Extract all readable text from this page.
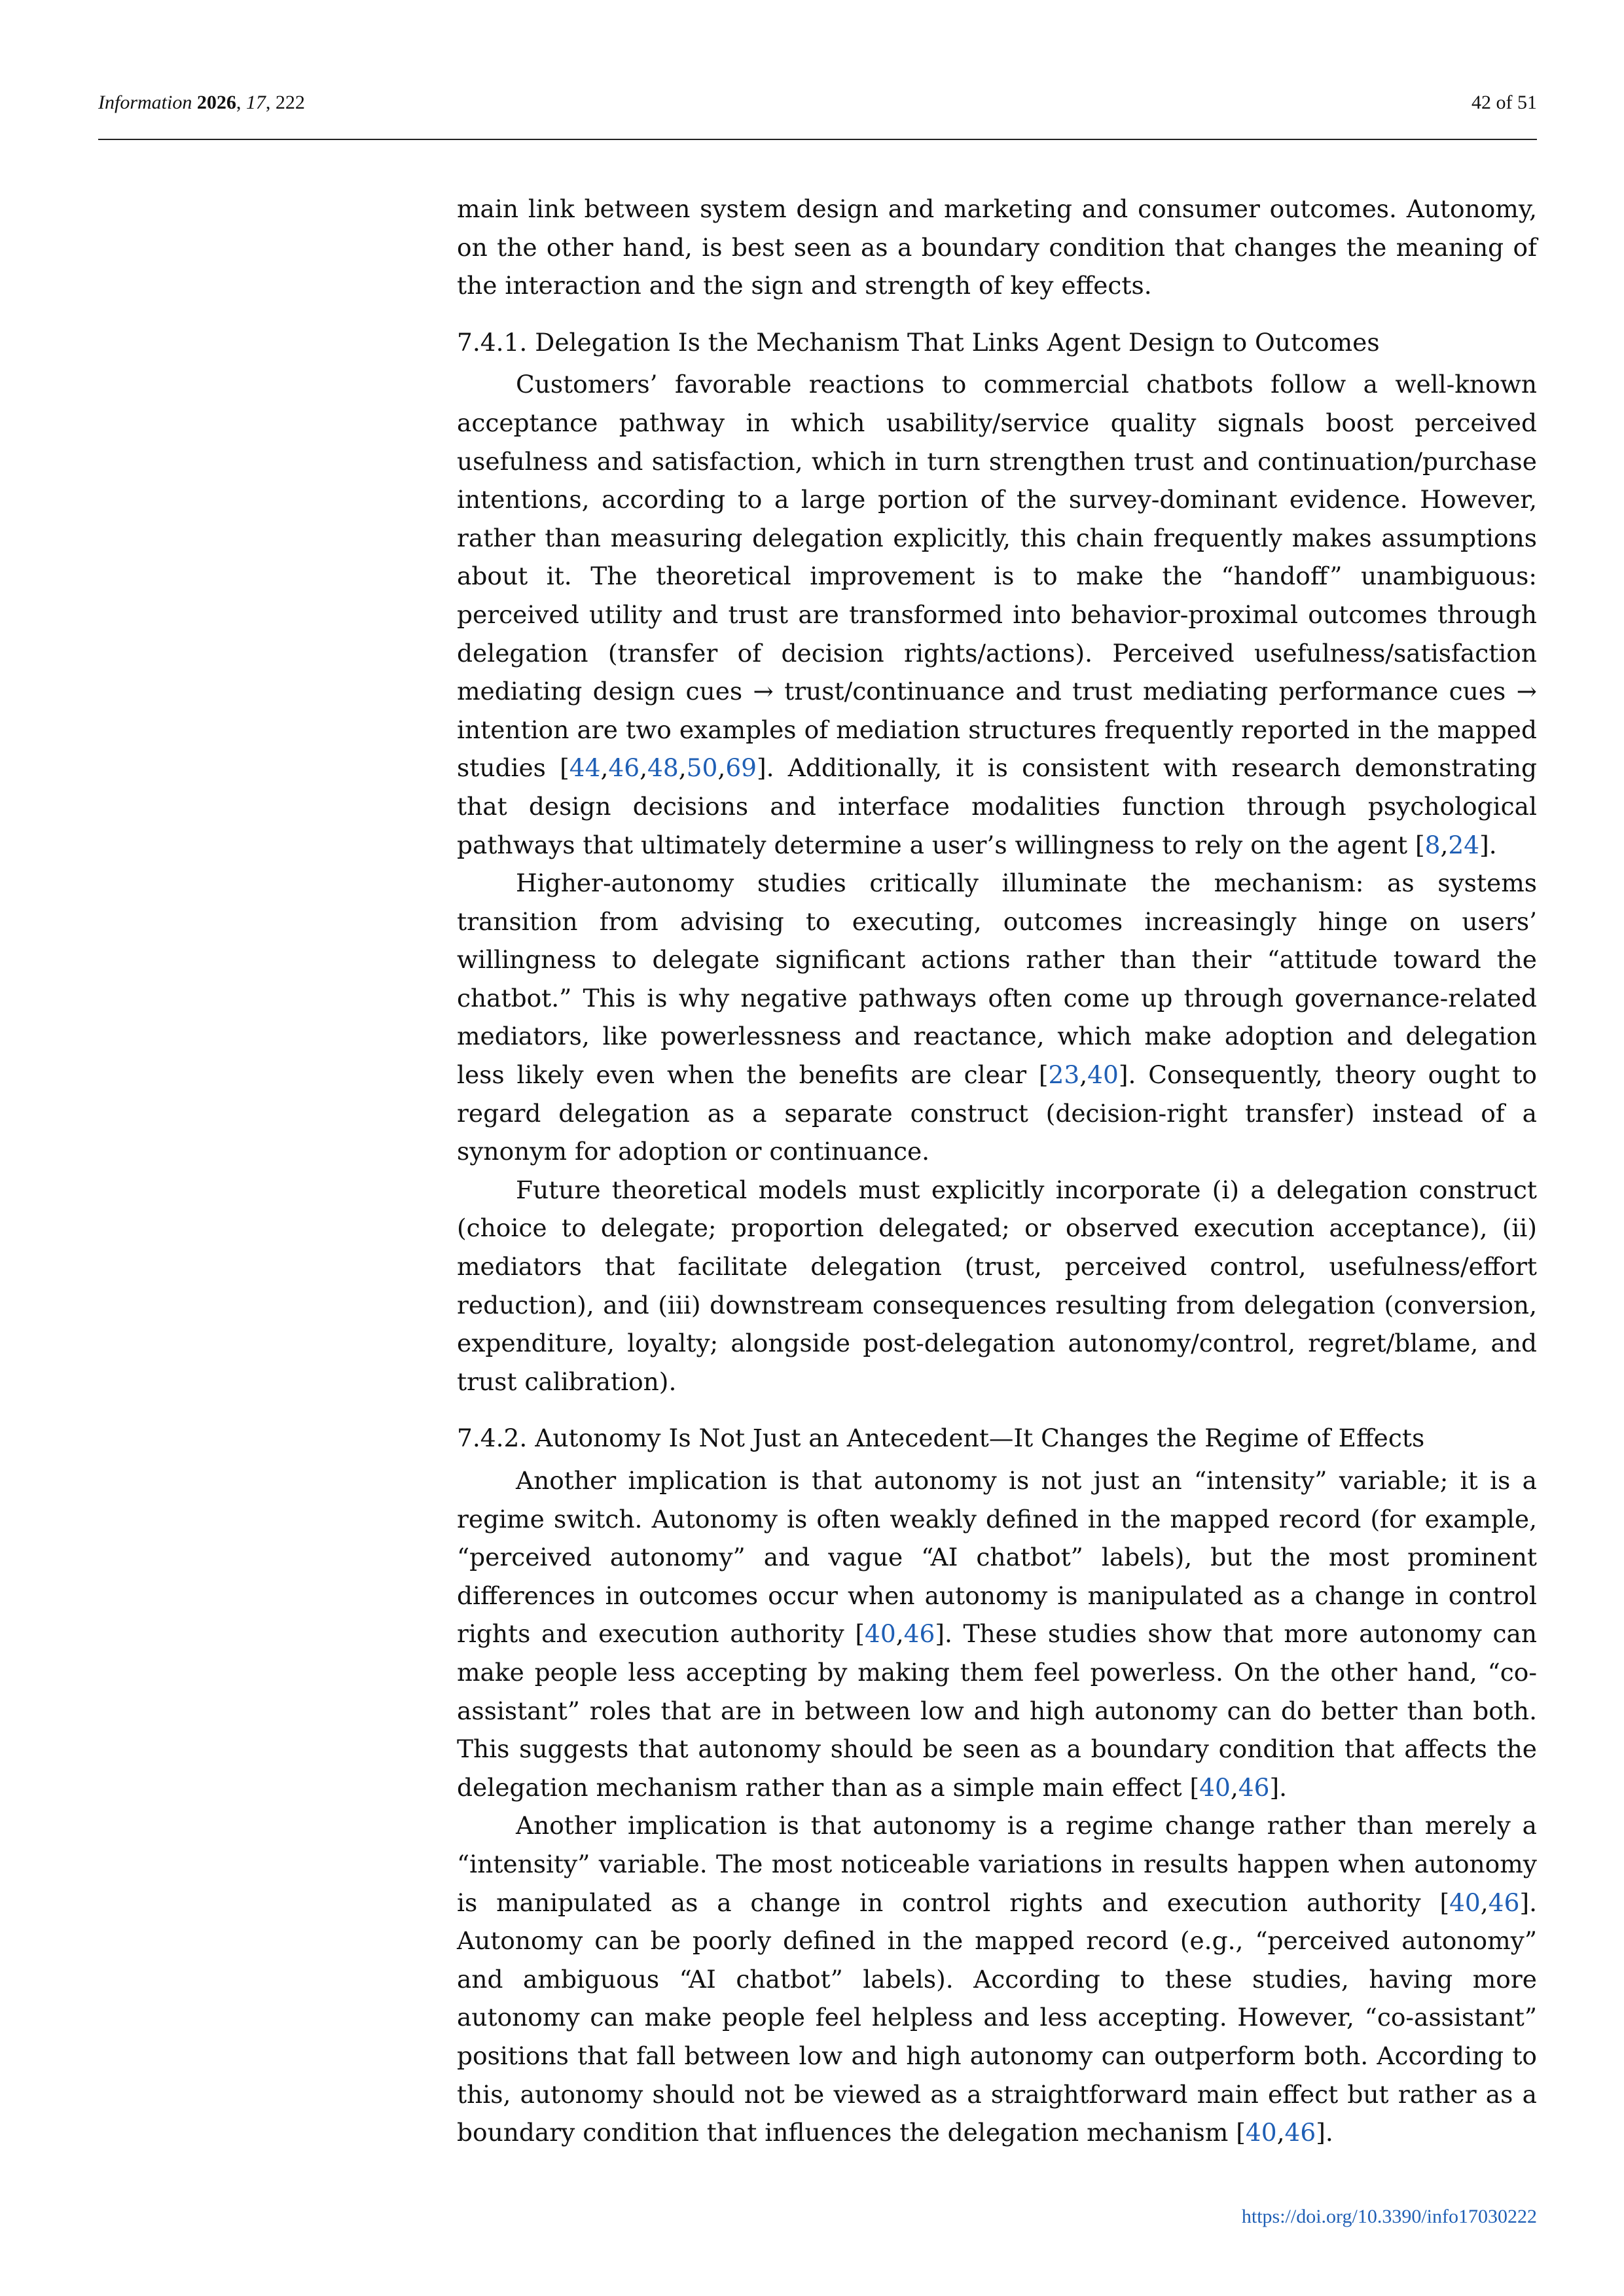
Information 2026, 17, 222	42 of 51

main link between system design and marketing and consumer outcomes. Autonomy, on the other hand, is best seen as a boundary condition that changes the meaning of the interaction and the sign and strength of key effects.

7.4.1. Delegation Is the Mechanism That Links Agent Design to Outcomes

Customers’ favorable reactions to commercial chatbots follow a well-known acceptance pathway in which usability/service quality signals boost perceived usefulness and satisfaction, which in turn strengthen trust and continuation/purchase intentions, according to a large portion of the survey-dominant evidence. However, rather than measuring delegation explicitly, this chain frequently makes assumptions about it. The theoretical improvement is to make the “handoff” unambiguous: perceived utility and trust are transformed into behavior-proximal outcomes through delegation (transfer of decision rights/actions). Perceived usefulness/satisfaction mediating design cues → trust/continuance and trust mediating performance cues → intention are two examples of mediation structures frequently reported in the mapped studies [44,46,48,50,69]. Additionally, it is consistent with research demonstrating that design decisions and interface modalities function through psychological pathways that ultimately determine a user’s willingness to rely on the agent [8,24].

Higher-autonomy studies critically illuminate the mechanism: as systems transition from advising to executing, outcomes increasingly hinge on users’ willingness to delegate significant actions rather than their “attitude toward the chatbot.” This is why negative pathways often come up through governance-related mediators, like powerlessness and reactance, which make adoption and delegation less likely even when the benefits are clear [23,40]. Consequently, theory ought to regard delegation as a separate construct (decision-right transfer) instead of a synonym for adoption or continuance.

Future theoretical models must explicitly incorporate (i) a delegation construct (choice to delegate; proportion delegated; or observed execution acceptance), (ii) mediators that facilitate delegation (trust, perceived control, usefulness/effort reduction), and (iii) downstream consequences resulting from delegation (conversion, expenditure, loyalty; alongside post-delegation autonomy/control, regret/blame, and trust calibration).

7.4.2. Autonomy Is Not Just an Antecedent—It Changes the Regime of Effects

Another implication is that autonomy is not just an “intensity” variable; it is a regime switch. Autonomy is often weakly defined in the mapped record (for example, “perceived autonomy” and vague “AI chatbot” labels), but the most prominent differences in outcomes occur when autonomy is manipulated as a change in control rights and execution authority [40,46]. These studies show that more autonomy can make people less accepting by making them feel powerless. On the other hand, “co-assistant” roles that are in between low and high autonomy can do better than both. This suggests that autonomy should be seen as a boundary condition that affects the delegation mechanism rather than as a simple main effect [40,46].

Another implication is that autonomy is a regime change rather than merely a “intensity” variable. The most noticeable variations in results happen when autonomy is manipulated as a change in control rights and execution authority [40,46]. Autonomy can be poorly defined in the mapped record (e.g., “perceived autonomy” and ambiguous “AI chatbot” labels). According to these studies, having more autonomy can make people feel helpless and less accepting. However, “co-assistant” positions that fall between low and high autonomy can outperform both. According to this, autonomy should not be viewed as a straightforward main effect but rather as a boundary condition that influences the delegation mechanism [40,46].

https://doi.org/10.3390/info17030222
